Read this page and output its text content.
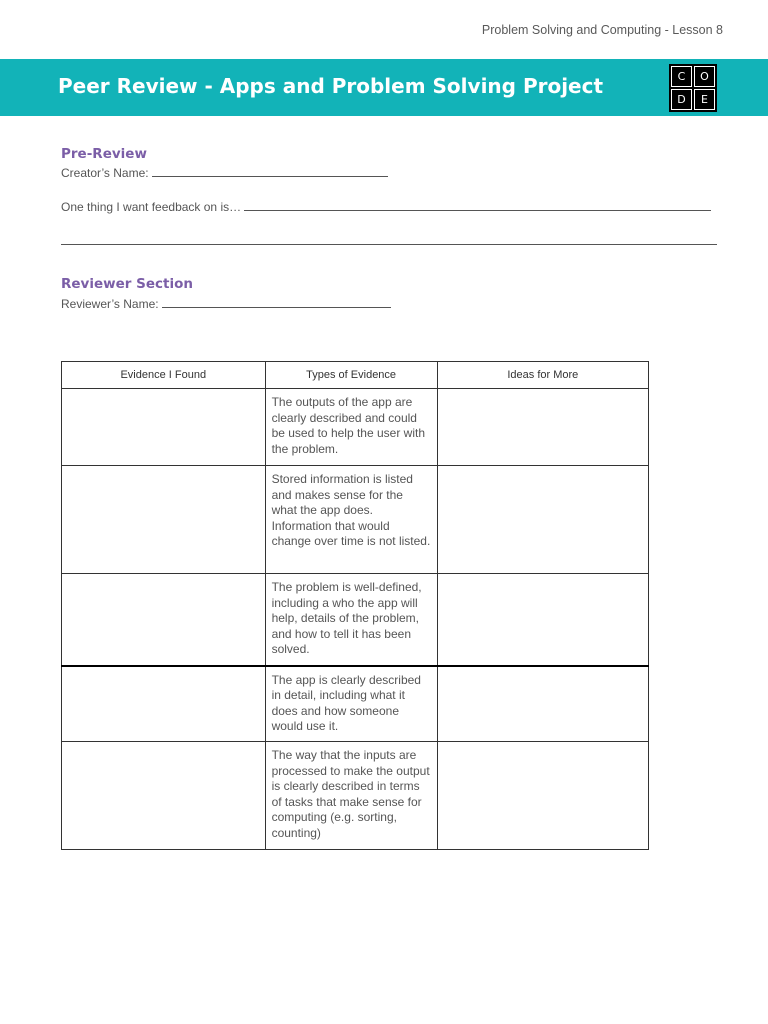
Problem Solving and Computing - Lesson 8
Peer Review - Apps and Problem Solving Project	C	O
D	E
Pre-Review
Creator’s Name:
One thing I want feedback on is…
Reviewer Section
Reviewer’s Name:
Evidence I Found	Types of Evidence	Ideas for More
	The outputs of the app are clearly described and could be used to help the user with the problem.	
	Stored information is listed and makes sense for the what the app does. Information that would change over time is not listed.	
	The problem is well-defined, including a who the app will help, details of the problem, and how to tell it has been solved.	
	The app is clearly described in detail, including what it does and how someone would use it.	
	The way that the inputs are processed to make the output is clearly described in terms of tasks that make sense for computing (e.g. sorting, counting)	
